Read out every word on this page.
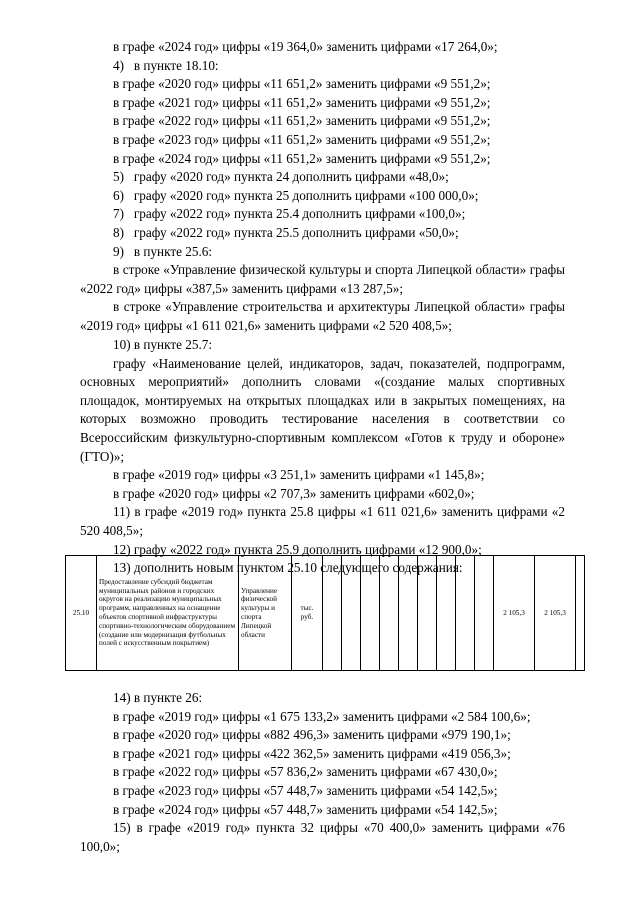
в графе «2024 год» цифры «19 364,0» заменить цифрами «17 264,0»;

4)   в пункте 18.10:

в графе «2020 год» цифры «11 651,2» заменить цифрами «9 551,2»;

в графе «2021 год» цифры «11 651,2» заменить цифрами «9 551,2»;

в графе «2022 год» цифры «11 651,2» заменить цифрами «9 551,2»;

в графе «2023 год» цифры «11 651,2» заменить цифрами «9 551,2»;

в графе «2024 год» цифры «11 651,2» заменить цифрами «9 551,2»;

5)   графу «2020 год» пункта 24 дополнить цифрами «48,0»;

6)   графу «2020 год» пункта 25 дополнить цифрами «100 000,0»;

7)   графу «2022 год» пункта 25.4 дополнить цифрами «100,0»;

8)   графу «2022 год» пункта 25.5 дополнить цифрами «50,0»;

9)   в пункте 25.6:

в строке «Управление физической культуры и спорта Липецкой области» графы «2022 год» цифры «387,5» заменить цифрами «13 287,5»;

в строке «Управление строительства и архитектуры Липецкой области» графы «2019 год» цифры «1 611 021,6» заменить цифрами «2 520 408,5»;

10) в пункте 25.7:

графу «Наименование целей, индикаторов, задач, показателей, подпрограмм, основных мероприятий» дополнить словами «(создание малых спортивных площадок, монтируемых на открытых площадках или в закрытых помещениях, на которых возможно проводить тестирование населения в соответствии со Всероссийским физкультурно-спортивным комплексом «Готов к труду и обороне» (ГТО)»;

в графе «2019 год» цифры «3 251,1» заменить цифрами «1 145,8»;

в графе «2020 год» цифры «2 707,3» заменить цифрами «602,0»;

11) в графе «2019 год» пункта 25.8 цифры «1 611 021,6» заменить цифрами «2 520 408,5»;

12) графу «2022 год» пункта 25.9 дополнить цифрами «12 900,0»;

13) дополнить новым пунктом 25.10 следующего содержания:

25.10	Предоставление субсидий бюджетам муниципальных районов и городских округов на реализацию муниципальных программ, направленных на оснащение объектов спортивной инфраструктуры спортивно-технологическим оборудованием (создание или модернизация футбольных полей с искусственным покрытием)	Управление физической культуры и спорта Липецкой области	тыс. руб.										2 105,3	2 105,3	

14) в пункте 26:

в графе «2019 год» цифры «1 675 133,2» заменить цифрами «2 584 100,6»;

в графе «2020 год» цифры «882 496,3» заменить цифрами «979 190,1»;

в графе «2021 год» цифры «422 362,5» заменить цифрами «419 056,3»;

в графе «2022 год» цифры «57 836,2» заменить цифрами «67 430,0»;

в графе «2023 год» цифры «57 448,7» заменить цифрами «54 142,5»;

в графе «2024 год» цифры «57 448,7» заменить цифрами «54 142,5»;

15) в графе «2019 год» пункта 32 цифры «70 400,0» заменить цифрами «76 100,0»;
